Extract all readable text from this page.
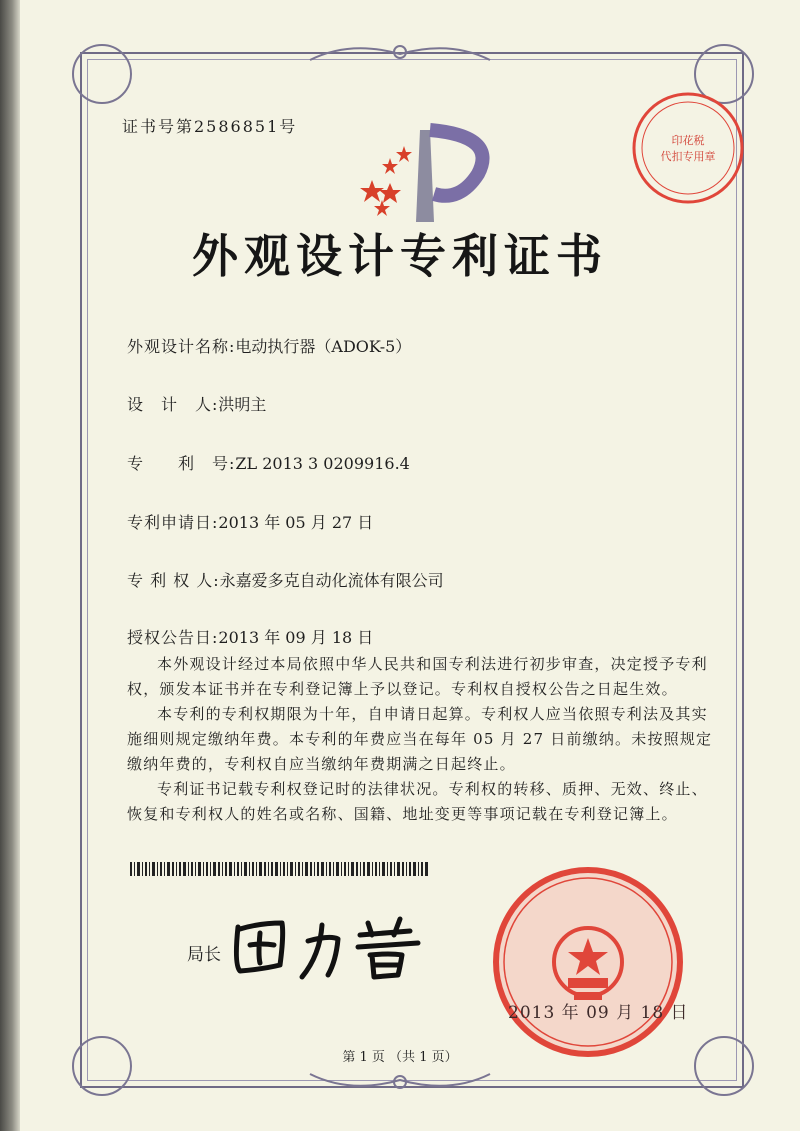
证书号第2586851号
外观设计专利证书
外观设计名称:电动执行器（ADOK-5）
设　计　人:洪明主
专　　利　号:ZL 2013 3 0209916.4
专利申请日:2013 年 05 月 27 日
专 利 权 人:永嘉爱多克自动化流体有限公司
授权公告日:2013 年 09 月 18 日

本外观设计经过本局依照中华人民共和国专利法进行初步审查，决定授予专利权，颁发本证书并在专利登记簿上予以登记。专利权自授权公告之日起生效。

本专利的专利权期限为十年，自申请日起算。专利权人应当依照专利法及其实施细则规定缴纳年费。本专利的年费应当在每年 05 月 27 日前缴纳。未按照规定缴纳年费的，专利权自应当缴纳年费期满之日起终止。

专利证书记载专利权登记时的法律状况。专利权的转移、质押、无效、终止、恢复和专利权人的姓名或名称、国籍、地址变更等事项记载在专利登记簿上。

局长
2013 年 09 月 18 日
印花税
代扣专用章
第 1 页 （共 1 页）
